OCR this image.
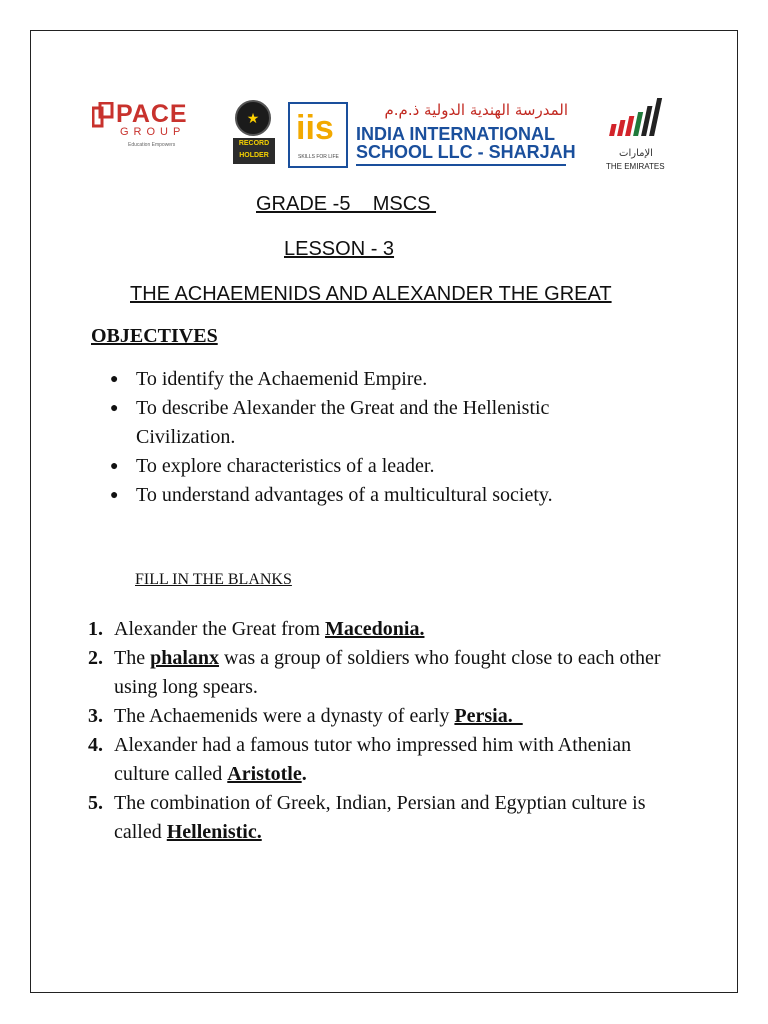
PACE
GROUP
Education Empowers
★
RECORD HOLDER
iis
SKILLS FOR LIFE
المدرسة الهندية الدولية ذ.م.م
INDIA INTERNATIONAL
SCHOOL LLC - SHARJAH	الإمارات
THE EMIRATES
GRADE -5    MSCS
LESSON - 3
THE ACHAEMENIDS AND ALEXANDER THE GREAT
OBJECTIVES
● To identify the Achaemenid Empire.
● To describe Alexander the Great and the Hellenistic Civilization.
● To explore characteristics of a leader.
● To understand advantages of a multicultural society.
FILL IN THE BLANKS
1. Alexander the Great from Macedonia.
2. The phalanx was a group of soldiers who fought close to each other using long spears.
3. The Achaemenids were a dynasty of early Persia.
4. Alexander had a famous tutor who impressed him with Athenian culture called Aristotle.
5. The combination of Greek, Indian, Persian and Egyptian culture is called Hellenistic.
